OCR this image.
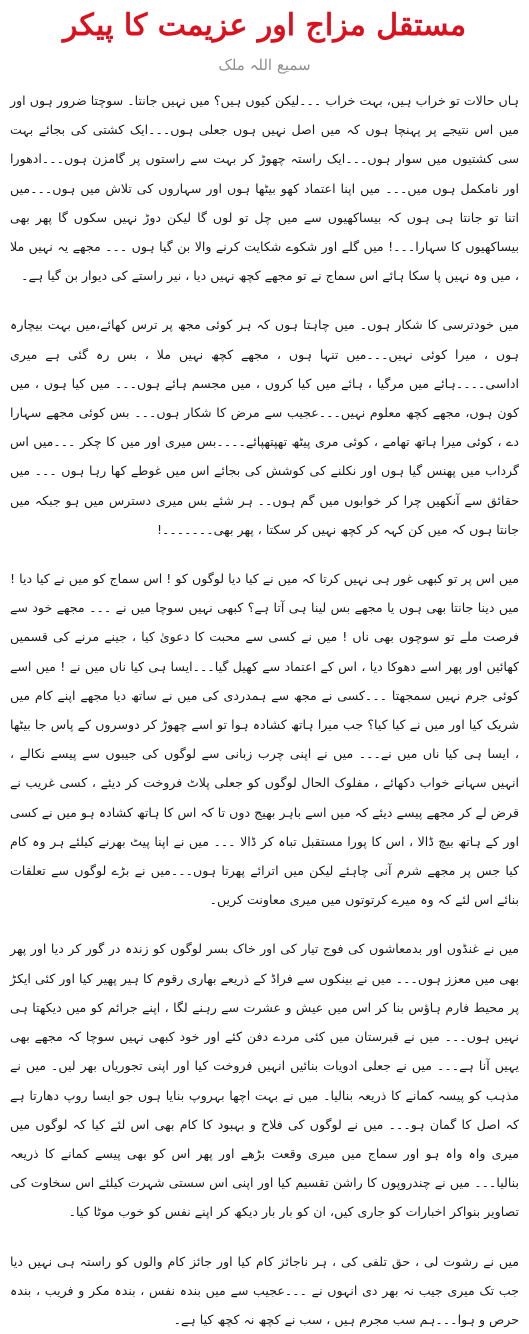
مستقل مزاج اور عزیمت کا پیکر
سمیع اللہ ملک

ہاں حالات تو خراب ہیں، بہت خراب ۔۔۔لیکن کیوں ہیں؟ میں نہیں جانتا۔ سوچتا ضرور ہوں اور میں اس نتیجے پر پہنچا ہوں کہ میں اصل نہیں ہوں جعلی ہوں۔۔۔ایک کشتی کی بجائے بہت سی کشتیوں میں سوار ہوں۔۔۔ایک راستہ چھوڑ کر بہت سے راستوں پر گامزن ہوں۔۔۔ادھورا اور نامکمل ہوں میں۔۔۔ میں اپنا اعتماد کھو بیٹھا ہوں اور سہاروں کی تلاش میں ہوں۔۔۔میں اتنا تو جانتا ہی ہوں کہ بیساکھیوں سے میں چل تو لوں گا لیکن دوڑ نہیں سکوں گا پھر بھی بیساکھیوں کا سہارا۔۔۔! میں گلے اور شکوے شکایت کرنے والا بن گیا ہوں ۔۔۔ مجھے یہ نہیں ملا ، میں وہ نہیں پا سکا ہائے اس سماج نے تو مجھے کچھ نہیں دیا ، نیر راستے کی دیوار بن گیا ہے۔

میں خودترسی کا شکار ہوں۔ میں چاہتا ہوں کہ ہر کوئی مجھ پر ترس کھائے،میں بہت بیچارہ ہوں ، میرا کوئی نہیں۔۔۔میں تنہا ہوں ، مجھے کچھ نہیں ملا ، بس رہ گئی ہے میری اداسی۔۔۔۔ہائے میں مرگیا ، ہائے میں کیا کروں ، میں مجسم ہائے ہوں۔۔۔ میں کیا ہوں ، میں کون ہوں، مجھے کچھ معلوم نہیں۔۔۔عجیب سے مرض کا شکار ہوں۔۔۔ بس کوئی مجھے سہارا دے ، کوئی میرا ہاتھ تھامے ، کوئی مری پیٹھ تھپتھپائے۔۔۔۔بس میری اور میں کا چکر ۔۔۔میں اس گرداب میں پھنس گیا ہوں اور نکلنے کی کوشش کی بجائے اس میں غوطے کھا رہا ہوں ۔۔۔ میں حقائق سے آنکھیں چرا کر خوابوں میں گم ہوں۔۔ ہر شئے بس میری دسترس میں ہو جبکہ میں جانتا ہوں کہ میں کن کہہ کر کچھ نہیں کر سکتا ، پھر بھی۔۔۔۔۔۔۔!

میں اس پر تو کبھی غور ہی نہیں کرتا کہ میں نے کیا دیا لوگوں کو ! اس سماج کو میں نے کیا دیا ! میں دینا جانتا بھی ہوں یا مجھے بس لینا ہی آتا ہے؟ کبھی نہیں سوچا میں نے ۔۔۔ مجھے خود سے فرصت ملے تو سوچوں بھی ناں ! میں نے کسی سے محبت کا دعویٰ کیا ، جینے مرنے کی قسمیں کھائیں اور پھر اسے دھوکا دیا ، اس کے اعتماد سے کھیل گیا۔۔۔ایسا ہی کیا ناں میں نے ! میں اسے کوئی جرم نہیں سمجھتا ۔۔۔کسی نے مجھ سے ہمدردی کی میں نے ساتھ دیا مجھے اپنے کام میں شریک کیا اور میں نے کیا کیا؟ جب میرا ہاتھ کشادہ ہوا تو اسے چھوڑ کر دوسروں کے پاس جا بیٹھا ، ایسا ہی کیا ناں میں نے۔۔۔ میں نے اپنی چرب زبانی سے لوگوں کی جیبوں سے پیسے نکالے ، انہیں سہانے خواب دکھائے ، مفلوک الحال لوگوں کو جعلی پلاٹ فروخت کر دیئے ، کسی غریب نے قرض لے کر مجھے پیسے دیئے کہ میں اسے باہر بھیج دوں تا کہ اس کا ہاتھ کشادہ ہو میں نے کسی اور کے ہاتھ بیچ ڈالا ، اس کا پورا مستقبل تباہ کر ڈالا ۔۔۔ میں نے اپنا پیٹ بھرنے کیلئے ہر وہ کام کیا جس پر مجھے شرم آنی چاہئے لیکن میں اترائے پھرتا ہوں۔۔۔میں نے بڑے لوگوں سے تعلقات بنائے اس لئے کہ وہ میرے کرتوتوں میں میری معاونت کریں۔

میں نے غنڈوں اور بدمعاشوں کی فوج تیار کی اور خاک بسر لوگوں کو زندہ در گور کر دیا اور پھر بھی میں معزز ہوں۔۔۔ میں نے بینکوں سے فراڈ کے ذریعے بھاری رقوم کا ہیر پھیر کیا اور کئی ایکڑ پر محیط فارم ہاؤس بنا کر اس میں عیش و عشرت سے رہنے لگا ، اپنے جرائم کو میں دیکھتا ہی نہیں ہوں۔۔۔ میں نے قبرستان میں کئی مردے دفن کئے اور خود کبھی نہیں سوچا کہ مجھے بھی یہیں آنا ہے۔۔۔ میں نے جعلی ادویات بنائیں انہیں فروخت کیا اور اپنی تجوریاں بھر لیں۔ میں نے مذہب کو پیسہ کمانے کا ذریعہ بنالیا۔ میں نے بہت اچھا بہروپ بنایا ہوں جو ایسا روپ دھارتا ہے کہ اصل کا گمان ہو۔۔۔ میں نے لوگوں کی فلاح و بہبود کا کام بھی اس لئے کیا کہ لوگوں میں میری واہ واہ ہو اور سماج میں میری وقعت بڑھے اور پھر اس کو بھی پیسے کمانے کا ذریعہ بنالیا۔۔۔ میں نے چندروپوں کا راشن تقسیم کیا اور اپنی اس سستی شہرت کیلئے اس سخاوت کی تصاویر بنواکر اخبارات کو جاری کیں، ان کو بار بار دیکھ کر اپنے نفس کو خوب موٹا کیا۔

میں نے رشوت لی ، حق تلفی کی ، ہر ناجائز کام کیا اور جائز کام والوں کو راستہ ہی نہیں دیا جب تک میری جیب نہ بھر دی انہوں نے ۔۔۔عجیب سے میں بندہ نفس ، بندہ مکر و فریب ، بندہ حرص و ہوا۔۔۔ہم سب مجرم ہیں ، سب نے کچھ نہ کچھ کیا ہے۔
